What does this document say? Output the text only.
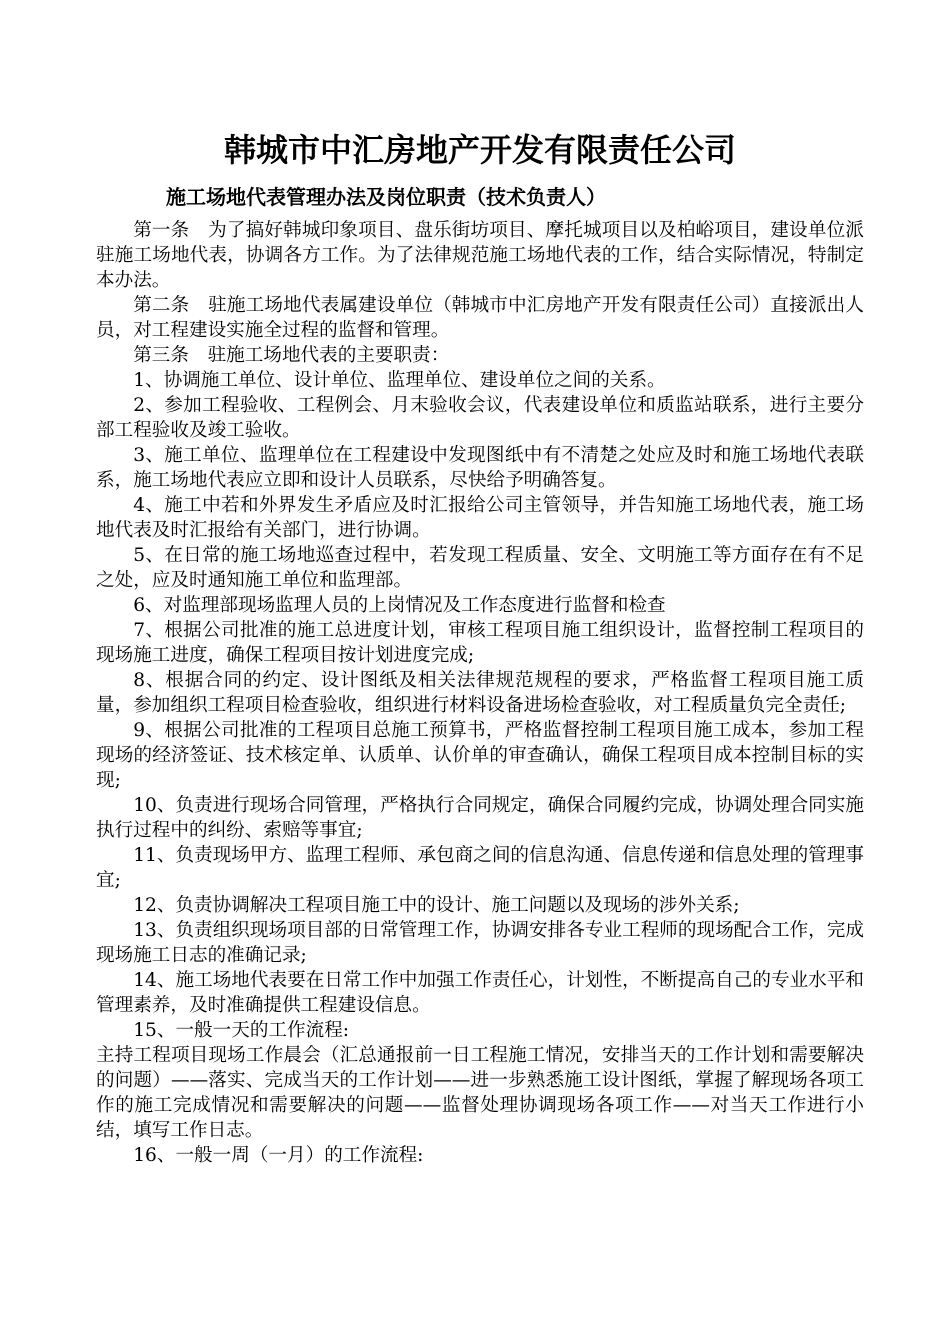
韩城市中汇房地产开发有限责任公司
施工场地代表管理办法及岗位职责（技术负责人）

第一条　为了搞好韩城印象项目、盘乐街坊项目、摩托城项目以及柏峪项目，建设单位派驻施工场地代表，协调各方工作。为了法律规范施工场地代表的工作，结合实际情况，特制定本办法。

第二条　驻施工场地代表属建设单位（韩城市中汇房地产开发有限责任公司）直接派出人员，对工程建设实施全过程的监督和管理。

第三条　驻施工场地代表的主要职责：

1、协调施工单位、设计单位、监理单位、建设单位之间的关系。

2、参加工程验收、工程例会、月末验收会议，代表建设单位和质监站联系，进行主要分部工程验收及竣工验收。

3、施工单位、监理单位在工程建设中发现图纸中有不清楚之处应及时和施工场地代表联系，施工场地代表应立即和设计人员联系，尽快给予明确答复。

4、施工中若和外界发生矛盾应及时汇报给公司主管领导，并告知施工场地代表，施工场地代表及时汇报给有关部门，进行协调。

5、在日常的施工场地巡查过程中，若发现工程质量、安全、文明施工等方面存在有不足之处，应及时通知施工单位和监理部。

6、对监理部现场监理人员的上岗情况及工作态度进行监督和检查

7、根据公司批准的施工总进度计划，审核工程项目施工组织设计，监督控制工程项目的现场施工进度，确保工程项目按计划进度完成;

8、根据合同的约定、设计图纸及相关法律规范规程的要求，严格监督工程项目施工质量，参加组织工程项目检查验收，组织进行材料设备进场检查验收，对工程质量负完全责任;

9、根据公司批准的工程项目总施工预算书，严格监督控制工程项目施工成本，参加工程现场的经济签证、技术核定单、认质单、认价单的审查确认，确保工程项目成本控制目标的实现;

10、负责进行现场合同管理，严格执行合同规定，确保合同履约完成，协调处理合同实施执行过程中的纠纷、索赔等事宜;

11、负责现场甲方、监理工程师、承包商之间的信息沟通、信息传递和信息处理的管理事宜;

12、负责协调解决工程项目施工中的设计、施工问题以及现场的涉外关系;

13、负责组织现场项目部的日常管理工作，协调安排各专业工程师的现场配合工作，完成现场施工日志的准确记录;

14、施工场地代表要在日常工作中加强工作责任心，计划性，不断提高自己的专业水平和管理素养，及时准确提供工程建设信息。

15、一般一天的工作流程:

主持工程项目现场工作晨会（汇总通报前一日工程施工情况，安排当天的工作计划和需要解决的问题）——落实、完成当天的工作计划——进一步熟悉施工设计图纸，掌握了解现场各项工作的施工完成情况和需要解决的问题——监督处理协调现场各项工作——对当天工作进行小结，填写工作日志。

16、一般一周（一月）的工作流程:
